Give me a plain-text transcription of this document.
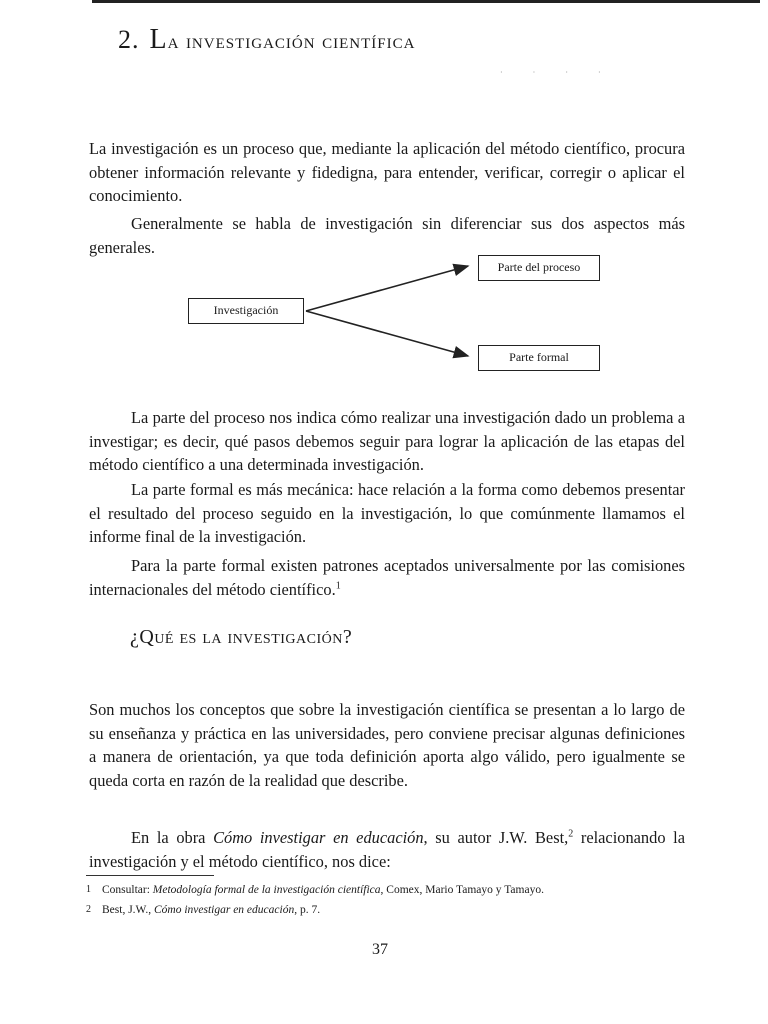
2. La investigación científica
· · · ·

La investigación es un proceso que, mediante la aplicación del método científico, procura obtener información relevante y fidedigna, para entender, verificar, corregir o aplicar el conocimiento.

Generalmente se habla de investigación sin diferenciar sus dos aspectos más generales.

Investigación
Parte del proceso
Parte formal

La parte del proceso nos indica cómo realizar una investigación dado un problema a investigar; es decir, qué pasos debemos seguir para lograr la aplicación de las etapas del método científico a una determinada investigación.

La parte formal es más mecánica: hace relación a la forma como debemos presentar el resultado del proceso seguido en la investigación, lo que comúnmente llamamos el informe final de la investigación.

Para la parte formal existen patrones aceptados universalmente por las comisiones internacionales del método científico.$^1$

¿Qué es la investigación?

Son muchos los conceptos que sobre la investigación científica se presentan a lo largo de su enseñanza y práctica en las universidades, pero conviene precisar algunas definiciones a manera de orientación, ya que toda definición aporta algo válido, pero igualmente se queda corta en razón de la realidad que describe.

En la obra Cómo investigar en educación, su autor J.W. Best,$^2$ relacionando la investigación y el método científico, nos dice:

1 Consultar: Metodología formal de la investigación científica, Comex, Mario Tamayo y Tamayo.
2 Best, J.W., Cómo investigar en educación, p. 7.
37
